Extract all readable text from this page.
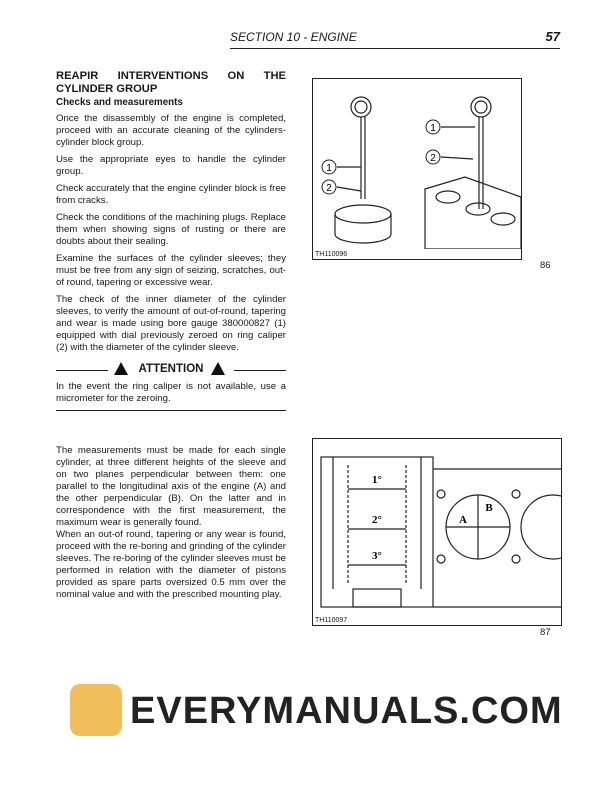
SECTION 10 - ENGINE	57
REAPIR INTERVENTIONS ON THE CYLINDER GROUP
Checks and measurements

Once the disassembly of the engine is completed, proceed with an accurate cleaning of the cylinders-cylinder block group.

Use the appropriate eyes to handle the cylinder group.

Check accurately that the engine cylinder block is free from cracks.

Check the conditions of the machining plugs. Replace them when showing signs of rusting or there are doubts about their sealing.

Examine the surfaces of the cylinder sleeves; they must be free from any sign of seizing, scratches, out-of round, tapering or excessive wear.

The check of the inner diameter of the cylinder sleeves, to verify the amount of out-of-round, tapering and wear is made using bore gauge 380000827 (1) equipped with dial previously zeroed on ring caliper (2) with the diameter of the cylinder sleeve.

ATTENTION

In the event the ring caliper is not available, use a micrometer for the zeroing.

The measurements must be made for each single cylinder, at three different heights of the sleeve and on two planes perpendicular between them: one parallel to the longitudinal axis of the engine (A) and the other perpendicular (B). On the latter and in correspondence with the first measurement, the maximum wear is generally found.

When an out-of round, tapering or any wear is found, proceed with the re-boring and grinding of the cylinder sleeves. The re-boring of the cylinder sleeves must be performed in relation with the diameter of pistons provided as spare parts oversized 0.5 mm over the nominal value and with the prescribed mounting play.

1
2
1
2
TH110096
86
1°
2°
3°
A
B
TH110097
87
EVERYMANUALS.COM
